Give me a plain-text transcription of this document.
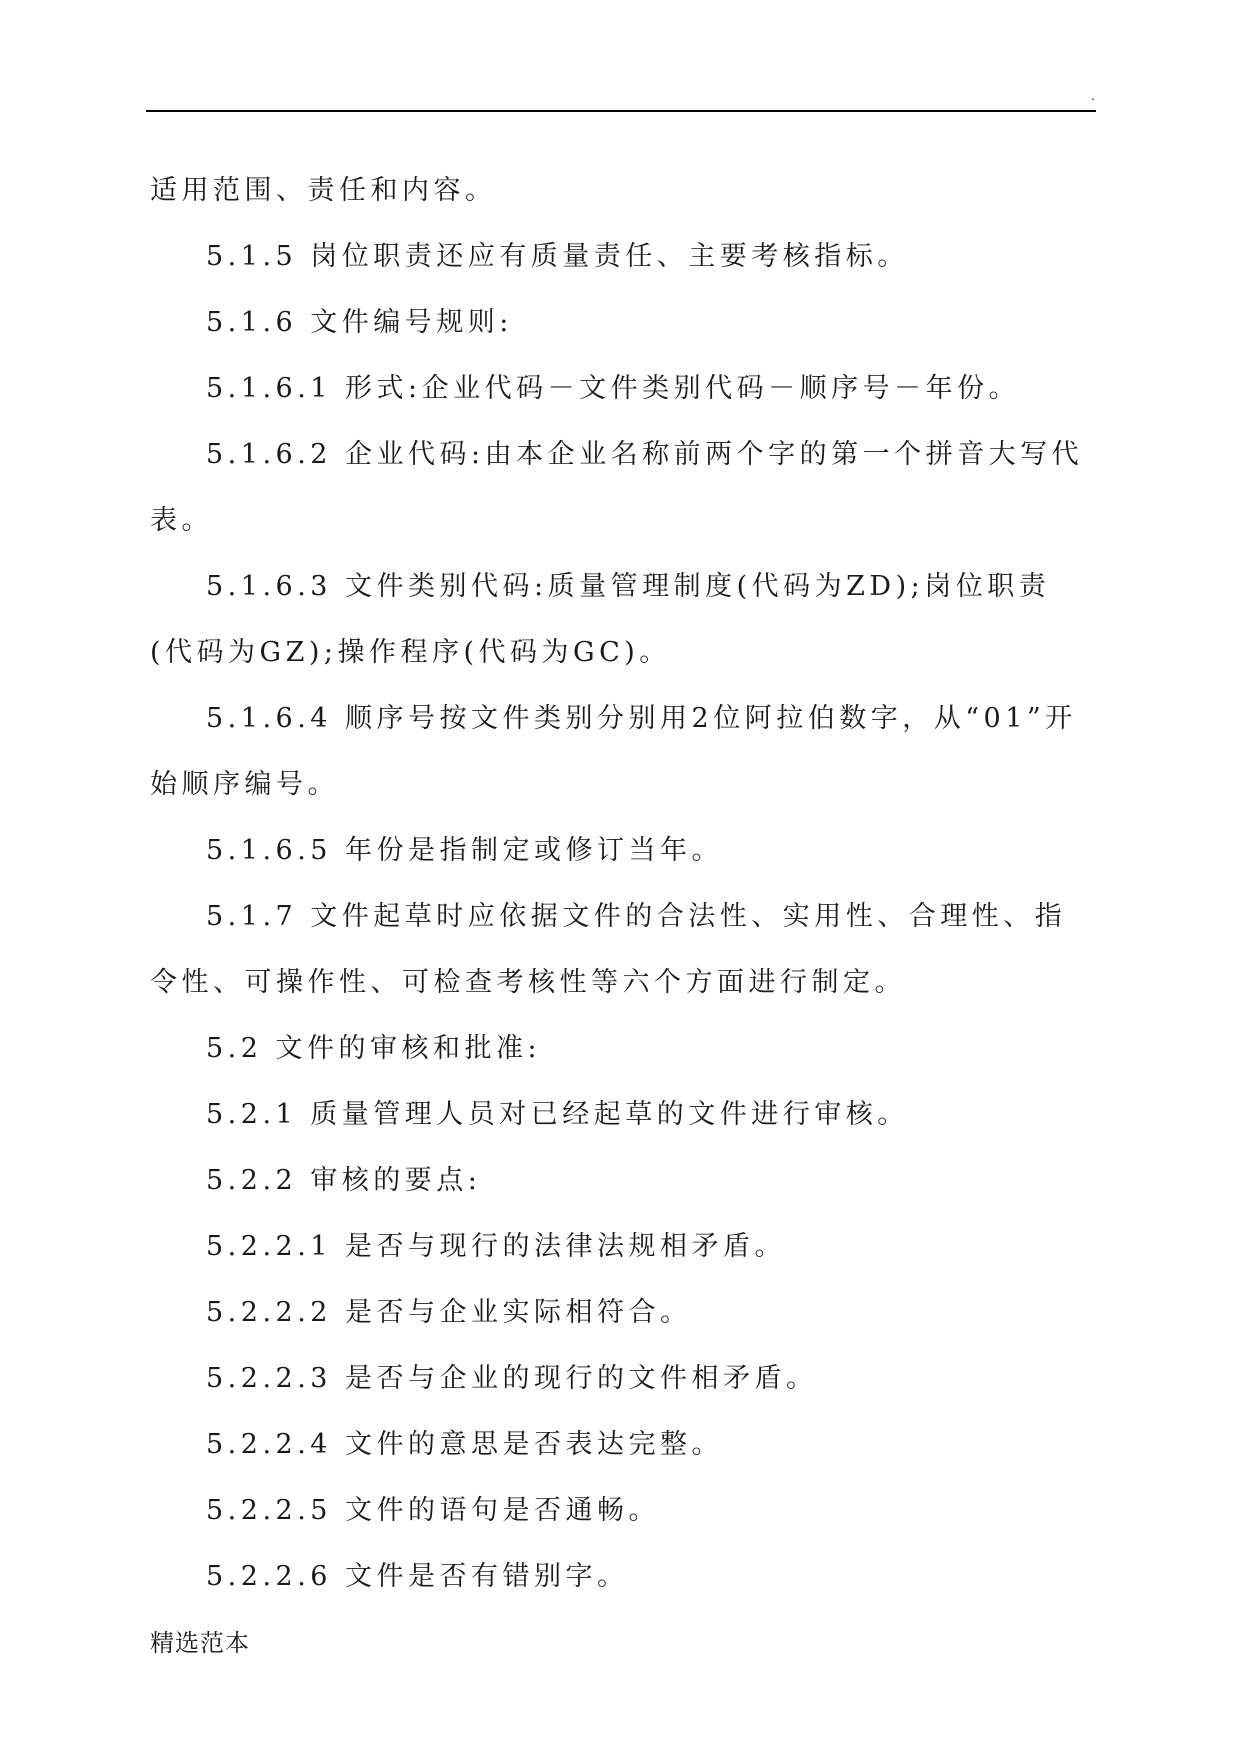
.

适用范围、责任和内容。

5.1.5 岗位职责还应有质量责任、主要考核指标。

5.1.6 文件编号规则:

5.1.6.1 形式:企业代码－文件类别代码－顺序号－年份。

5.1.6.2 企业代码:由本企业名称前两个字的第一个拼音大写代表。

5.1.6.3 文件类别代码:质量管理制度(代码为ZD);岗位职责(代码为GZ);操作程序(代码为GC)。

5.1.6.4 顺序号按文件类别分别用2位阿拉伯数字，从“01”开始顺序编号。

5.1.6.5 年份是指制定或修订当年。

5.1.7 文件起草时应依据文件的合法性、实用性、合理性、指令性、可操作性、可检查考核性等六个方面进行制定。

5.2 文件的审核和批准:

5.2.1 质量管理人员对已经起草的文件进行审核。

5.2.2 审核的要点:

5.2.2.1 是否与现行的法律法规相矛盾。

5.2.2.2 是否与企业实际相符合。

5.2.2.3 是否与企业的现行的文件相矛盾。

5.2.2.4 文件的意思是否表达完整。

5.2.2.5 文件的语句是否通畅。

5.2.2.6 文件是否有错别字。

精选范本
